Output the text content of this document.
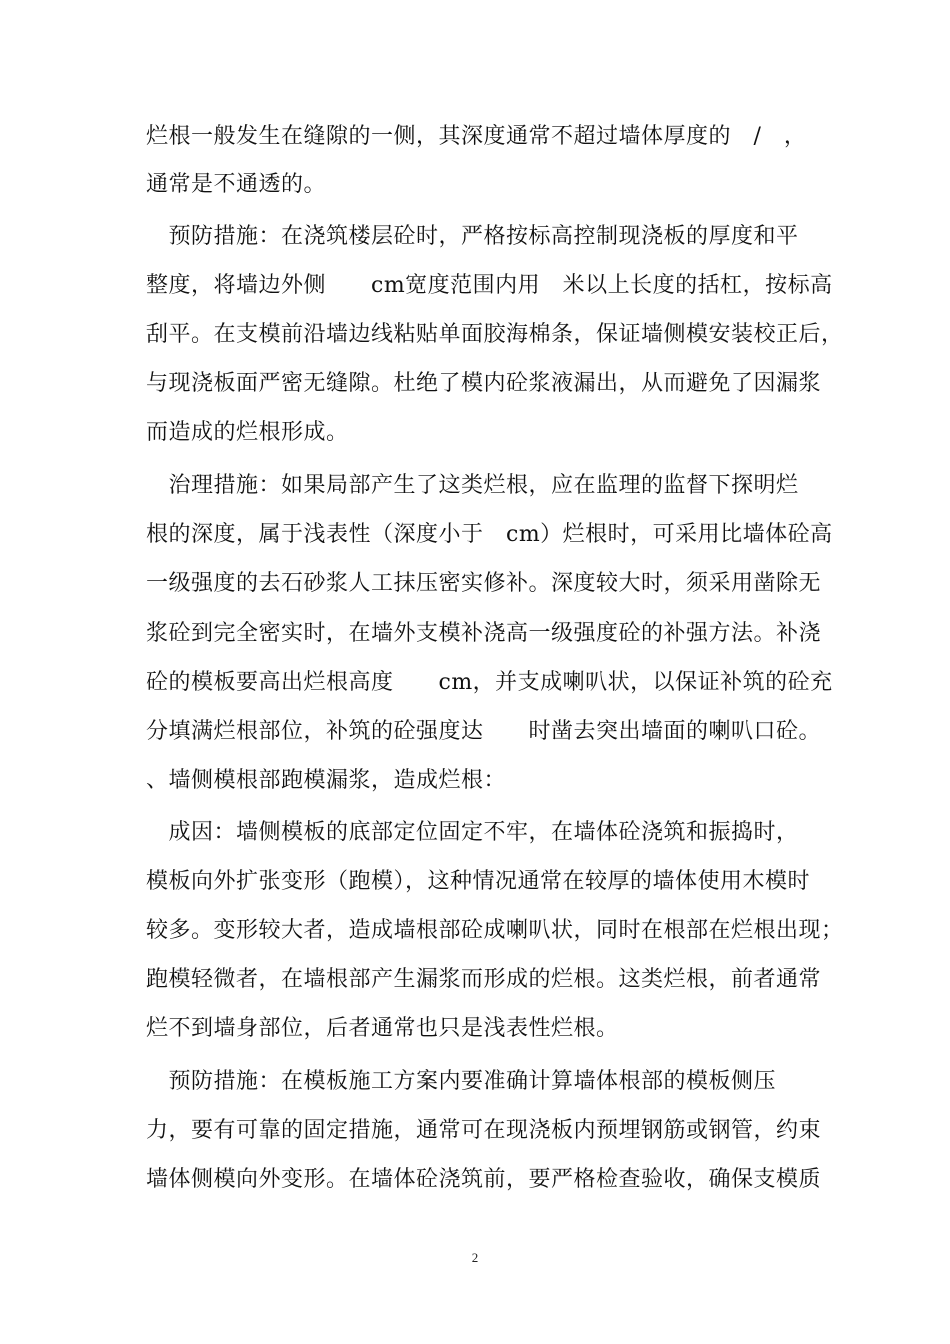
烂根一般发生在缝隙的一侧，其深度通常不超过墙体厚度的　/　，
通常是不通透的。
　预防措施：在浇筑楼层砼时，严格按标高控制现浇板的厚度和平
整度，将墙边外侧　　cm宽度范围内用　米以上长度的括杠，按标高
刮平。在支模前沿墙边线粘贴单面胶海棉条，保证墙侧模安装校正后，
与现浇板面严密无缝隙。杜绝了模内砼浆液漏出，从而避免了因漏浆
而造成的烂根形成。
　治理措施：如果局部产生了这类烂根，应在监理的监督下探明烂
根的深度，属于浅表性（深度小于　cm）烂根时，可采用比墙体砼高
一级强度的去石砂浆人工抹压密实修补。深度较大时，须采用凿除无
浆砼到完全密实时，在墙外支模补浇高一级强度砼的补强方法。补浇
砼的模板要高出烂根高度　　cm，并支成喇叭状，以保证补筑的砼充
分填满烂根部位，补筑的砼强度达　　时凿去突出墙面的喇叭口砼。
、墙侧模根部跑模漏浆，造成烂根：
　成因：墙侧模板的底部定位固定不牢，在墙体砼浇筑和振捣时，
模板向外扩张变形（跑模），这种情况通常在较厚的墙体使用木模时
较多。变形较大者，造成墙根部砼成喇叭状，同时在根部在烂根出现；
跑模轻微者，在墙根部产生漏浆而形成的烂根。这类烂根，前者通常
烂不到墙身部位，后者通常也只是浅表性烂根。
　预防措施：在模板施工方案内要准确计算墙体根部的模板侧压
力，要有可靠的固定措施，通常可在现浇板内预埋钢筋或钢管，约束
墙体侧模向外变形。在墙体砼浇筑前，要严格检查验收，确保支模质
2
